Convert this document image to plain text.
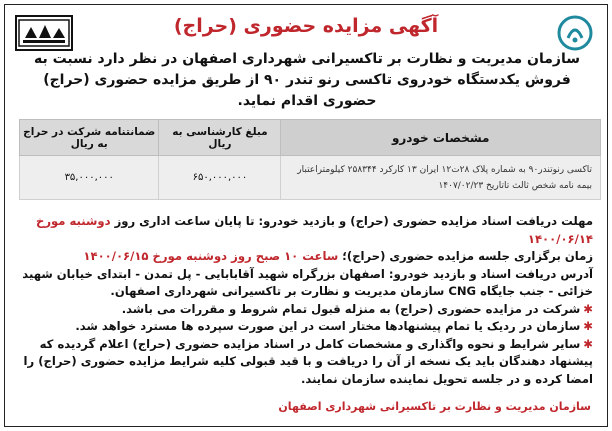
آگهی مزایده حضوری (حراج)
سازمان مدیریت و نظارت بر تاکسیرانی شهرداری اصفهان در نظر دارد نسبت به فروش یکدستگاه خودروی تاکسی رنو تندر ۹۰ از طریق مزایده حضوری (حراج) حضوری اقدام نماید.
مشخصات خودرو	مبلغ کارشناسی به ریال	ضمانتنامه شرکت در حراج به ریال

تاکسی رنوتندر۹۰ به شماره پلاک ۲۸ت۱۲ ایران ۱۳ کارکرد ۲۵۸۳۴۴ کیلومتراعتبار
بیمه نامه شخص ثالث تاتاریخ ۱۴۰۷/۰۲/۲۳	۶۵۰,۰۰۰,۰۰۰	۳۵,۰۰۰,۰۰۰

مهلت دریافت اسناد مزایده حضوری (حراج) و بازدید خودرو: تا پایان ساعت اداری روز دوشنبه مورخ ۱۴۰۰/۰۶/۱۴

زمان برگزاری جلسه مزایده حضوری (حراج)؛ ساعت ۱۰ صبح روز دوشنبه مورخ ۱۴۰۰/۰۶/۱۵

آدرس دریافت اسناد و بازدید خودرو: اصفهان بزرگراه شهید آقابابایی - پل تمدن - ابتدای خیابان شهید خزائی - جنب جایگاه CNG سازمان مدیریت و نظارت بر تاکسیرانی شهرداری اصفهان.

✱شرکت در مزایده حضوری (حراج) به منزله قبول تمام شروط و مقررات می باشد.

✱سازمان در ردیک یا تمام پیشنهادها مختار است در این صورت سپرده ها مسترد خواهد شد.

✱سایر شرایط و نحوه واگذاری و مشخصات کامل در اسناد مزایده حضوری (حراج) اعلام گردیده که پیشنهاد دهندگان باید یک نسخه از آن را دریافت و با قید قبولی کلیه شرایط مزایده حضوری (حراج) را امضا کرده و در جلسه تحویل نماینده سازمان نمایند.

سازمان مدیریت و نظارت بر تاکسیرانی شهرداری اصفهان
